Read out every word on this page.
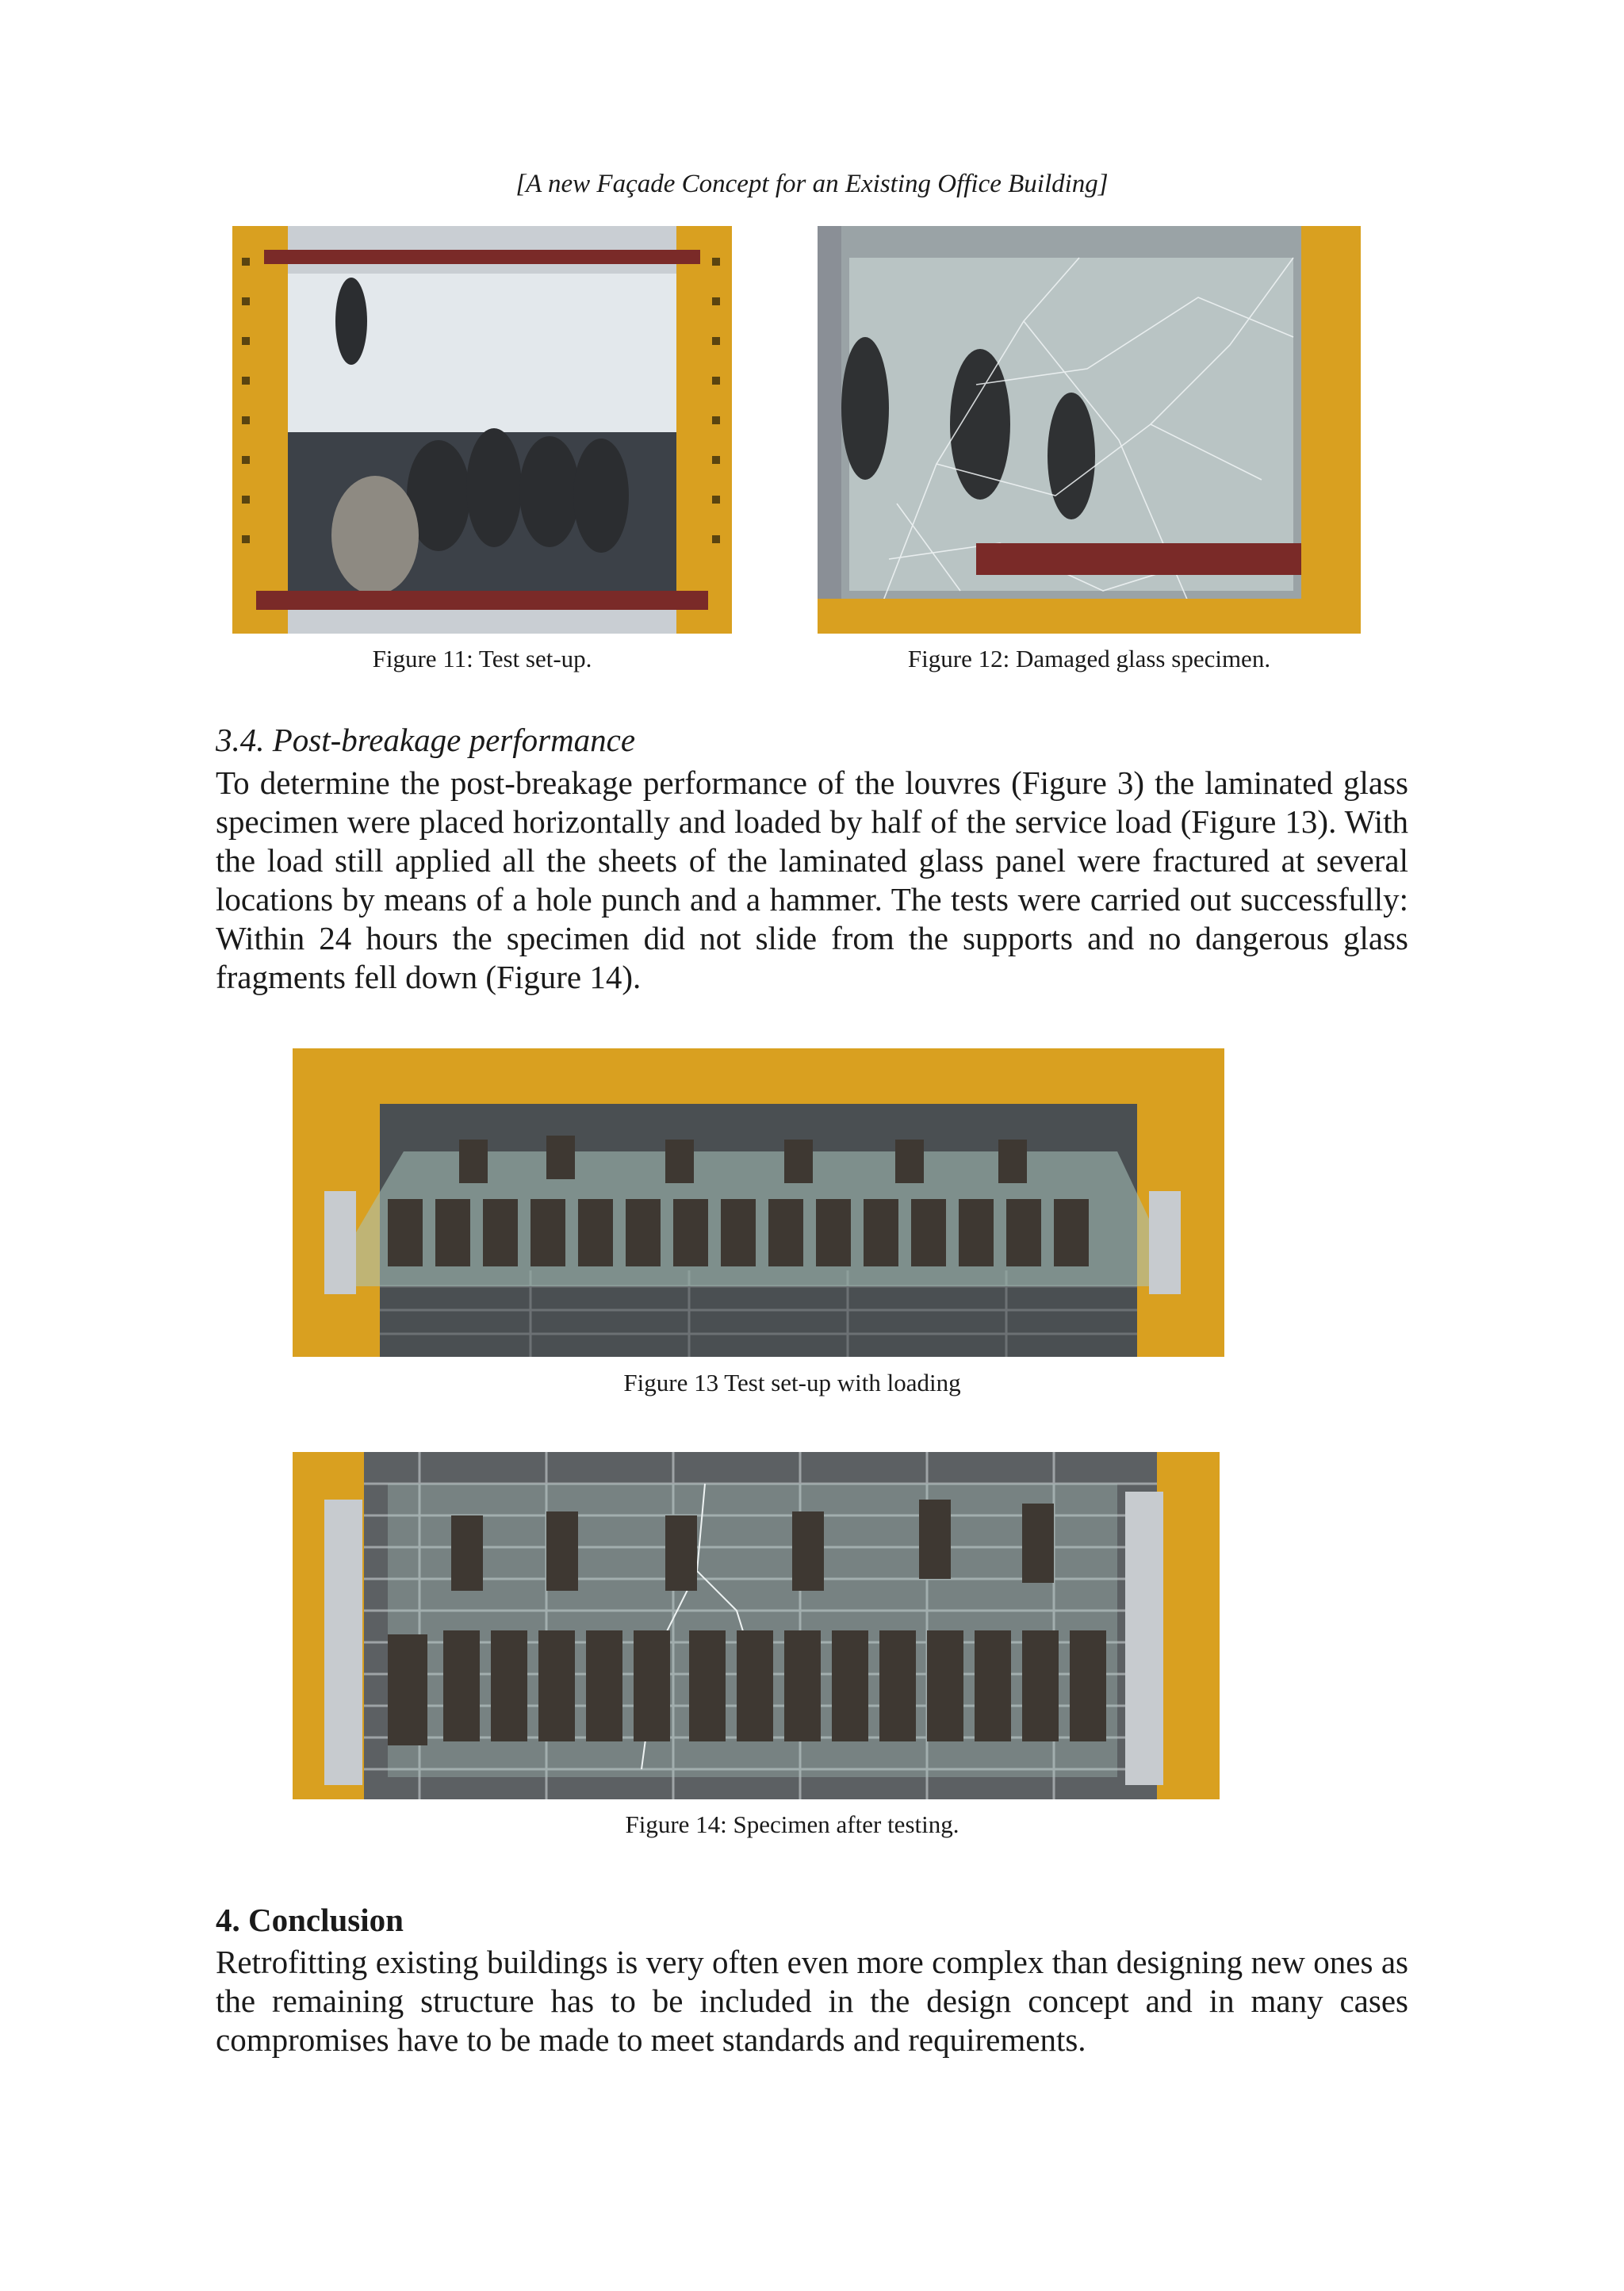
[A new Façade Concept for an Existing Office Building]
Figure 11: Test set-up.	Figure 12: Damaged glass specimen.
3.4. Post-breakage performance

To determine the post-breakage performance of the louvres (Figure 3) the laminated glass specimen were placed horizontally and loaded by half of the service load (Figure 13). With the load still applied all the sheets of the laminated glass panel were fractured at several locations by means of a hole punch and a hammer. The tests were carried out successfully: Within 24 hours the specimen did not slide from the supports and no dangerous glass fragments fell down (Figure 14).

Figure 13 Test set-up with loading
Figure 14: Specimen after testing.
4. Conclusion

Retrofitting existing buildings is very often even more complex than designing new ones as the remaining structure has to be included in the design concept and in many cases compromises have to be made to meet standards and requirements.
